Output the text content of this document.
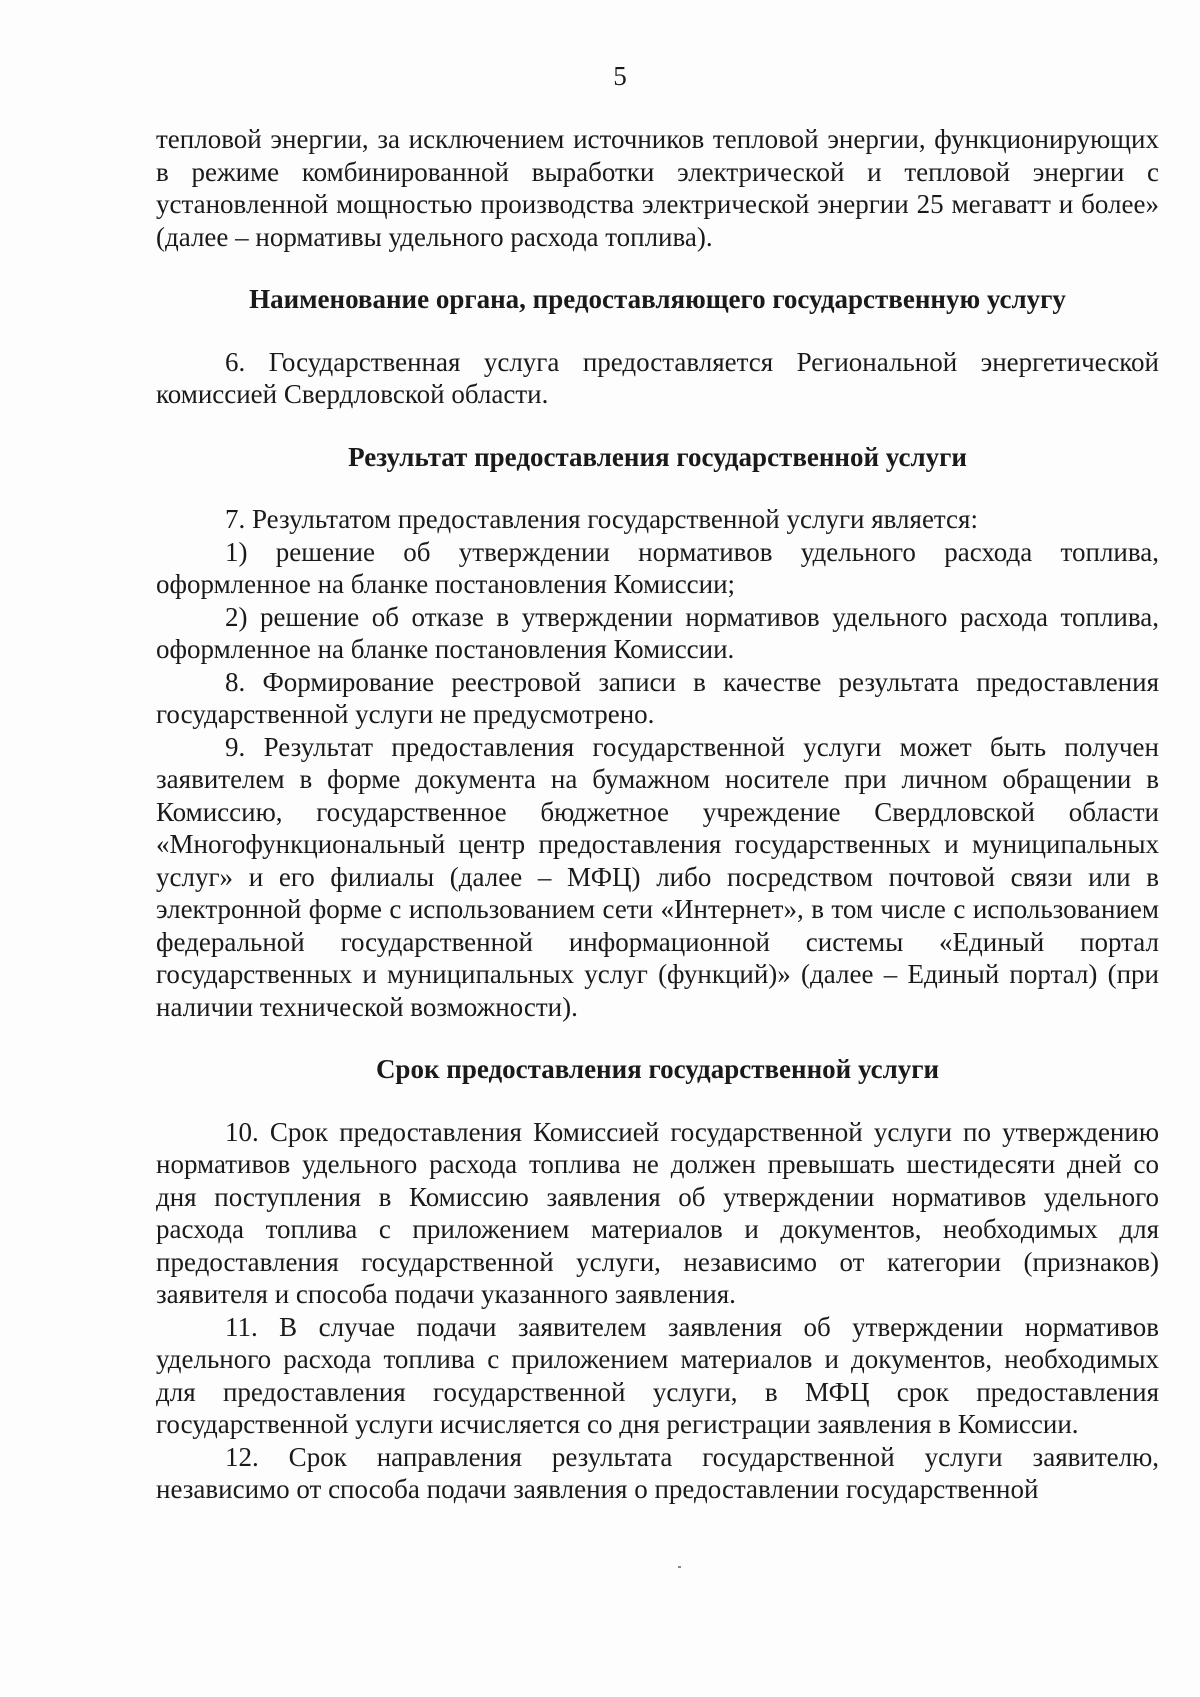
5

тепловой энергии, за исключением источников тепловой энергии, функционирующих в режиме комбинированной выработки электрической и тепловой энергии с установленной мощностью производства электрической энергии 25 мегаватт и более» (далее – нормативы удельного расхода топлива).

Наименование органа, предоставляющего государственную услугу

6. Государственная услуга предоставляется Региональной энергетической комиссией Свердловской области.

Результат предоставления государственной услуги

7. Результатом предоставления государственной услуги является:

1) решение об утверждении нормативов удельного расхода топлива, оформленное на бланке постановления Комиссии;

2) решение об отказе в утверждении нормативов удельного расхода топлива, оформленное на бланке постановления Комиссии.

8. Формирование реестровой записи в качестве результата предоставления государственной услуги не предусмотрено.

9. Результат предоставления государственной услуги может быть получен заявителем в форме документа на бумажном носителе при личном обращении в Комиссию, государственное бюджетное учреждение Свердловской области «Многофункциональный центр предоставления государственных и муниципальных услуг» и его филиалы (далее – МФЦ) либо посредством почтовой связи или в электронной форме с использованием сети «Интернет», в том числе с использованием федеральной государственной информационной системы «Единый портал государственных и муниципальных услуг (функций)» (далее – Единый портал) (при наличии технической возможности).

Срок предоставления государственной услуги

10. Срок предоставления Комиссией государственной услуги по утверждению нормативов удельного расхода топлива не должен превышать шестидесяти дней со дня поступления в Комиссию заявления об утверждении нормативов удельного расхода топлива с приложением материалов и документов, необходимых для предоставления государственной услуги, независимо от категории (признаков) заявителя и способа подачи указанного заявления.

11. В случае подачи заявителем заявления об утверждении нормативов удельного расхода топлива с приложением материалов и документов, необходимых для предоставления государственной услуги, в МФЦ срок предоставления государственной услуги исчисляется со дня регистрации заявления в Комиссии.

12. Срок направления результата государственной услуги заявителю, независимо от способа подачи заявления о предоставлении государственной
